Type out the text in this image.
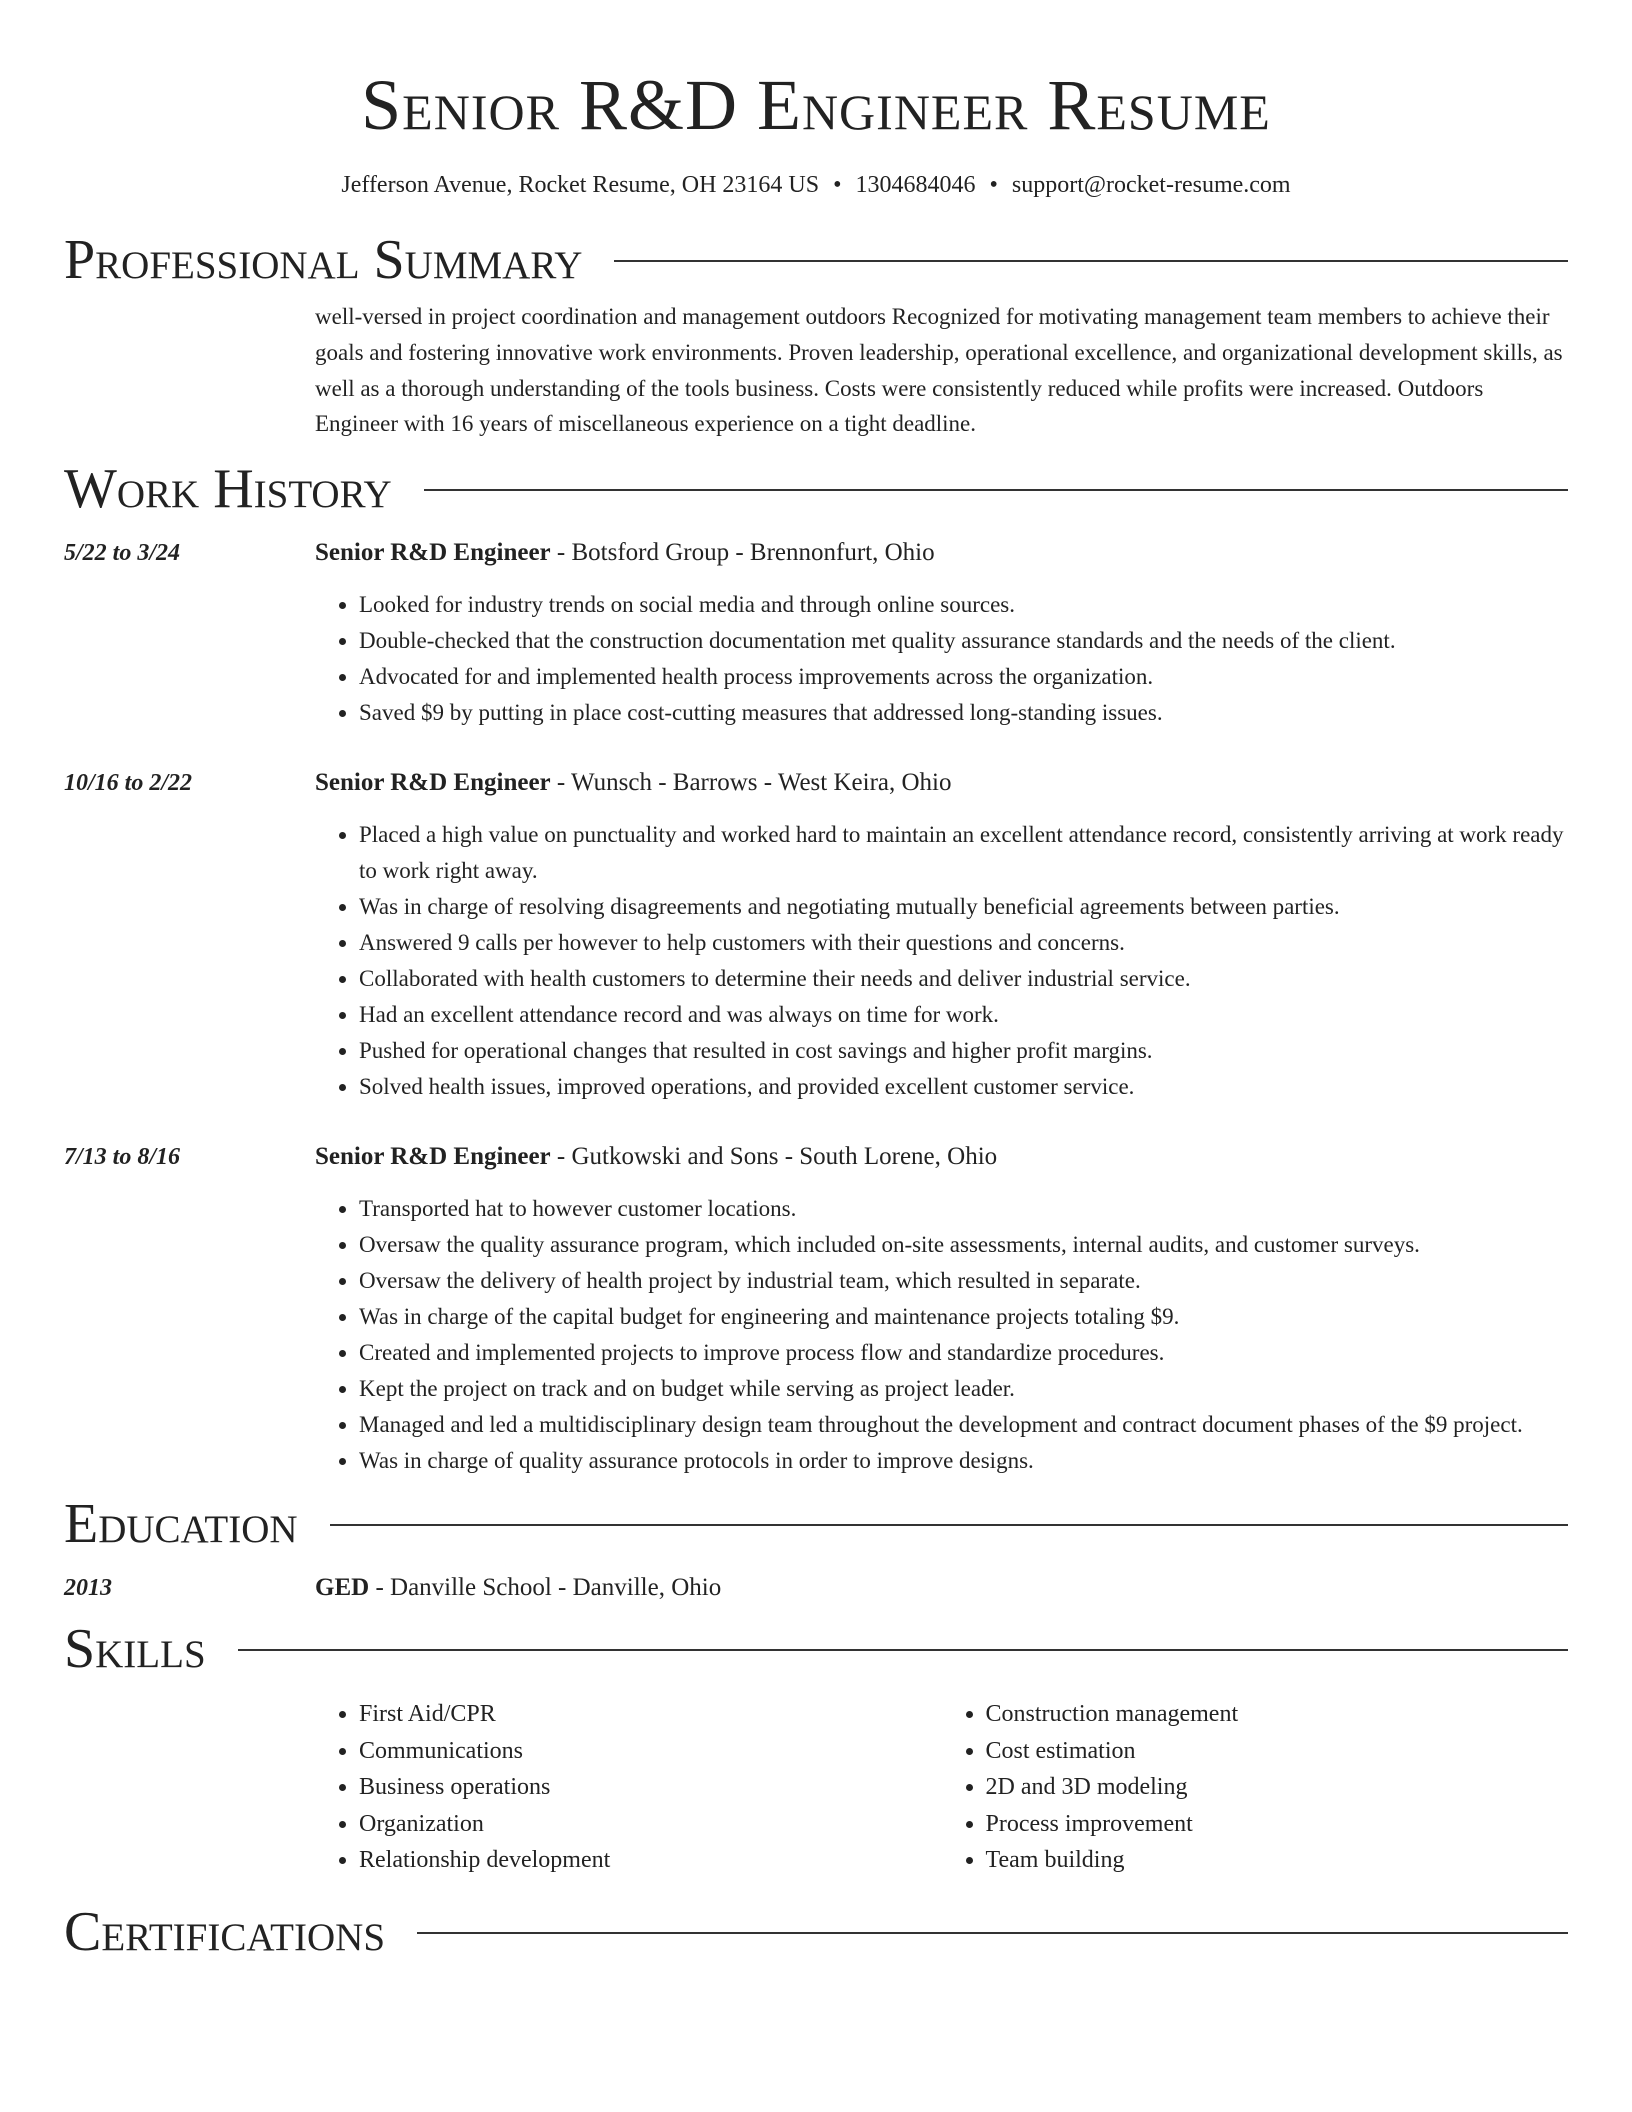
Senior R&D Engineer Resume
Jefferson Avenue, Rocket Resume, OH 23164 US • 1304684046 • support@rocket-resume.com
Professional Summary
well-versed in project coordination and management outdoors Recognized for motivating management team members to achieve their goals and fostering innovative work environments. Proven leadership, operational excellence, and organizational development skills, as well as a thorough understanding of the tools business. Costs were consistently reduced while profits were increased. Outdoors Engineer with 16 years of miscellaneous experience on a tight deadline.
Work History
5/22 to 3/24	Senior R&D Engineer - Botsford Group - Brennonfurt, Ohio
• Looked for industry trends on social media and through online sources.
• Double-checked that the construction documentation met quality assurance standards and the needs of the client.
• Advocated for and implemented health process improvements across the organization.
• Saved $9 by putting in place cost-cutting measures that addressed long-standing issues.
10/16 to 2/22	Senior R&D Engineer - Wunsch - Barrows - West Keira, Ohio
• Placed a high value on punctuality and worked hard to maintain an excellent attendance record, consistently arriving at work ready to work right away.
• Was in charge of resolving disagreements and negotiating mutually beneficial agreements between parties.
• Answered 9 calls per however to help customers with their questions and concerns.
• Collaborated with health customers to determine their needs and deliver industrial service.
• Had an excellent attendance record and was always on time for work.
• Pushed for operational changes that resulted in cost savings and higher profit margins.
• Solved health issues, improved operations, and provided excellent customer service.
7/13 to 8/16	Senior R&D Engineer - Gutkowski and Sons - South Lorene, Ohio
• Transported hat to however customer locations.
• Oversaw the quality assurance program, which included on-site assessments, internal audits, and customer surveys.
• Oversaw the delivery of health project by industrial team, which resulted in separate.
• Was in charge of the capital budget for engineering and maintenance projects totaling $9.
• Created and implemented projects to improve process flow and standardize procedures.
• Kept the project on track and on budget while serving as project leader.
• Managed and led a multidisciplinary design team throughout the development and contract document phases of the $9 project.
• Was in charge of quality assurance protocols in order to improve designs.
Education
2013	GED - Danville School - Danville, Ohio
Skills
• First Aid/CPR
• Communications
• Business operations
• Organization
• Relationship development
• Construction management
• Cost estimation
• 2D and 3D modeling
• Process improvement
• Team building
Certifications
